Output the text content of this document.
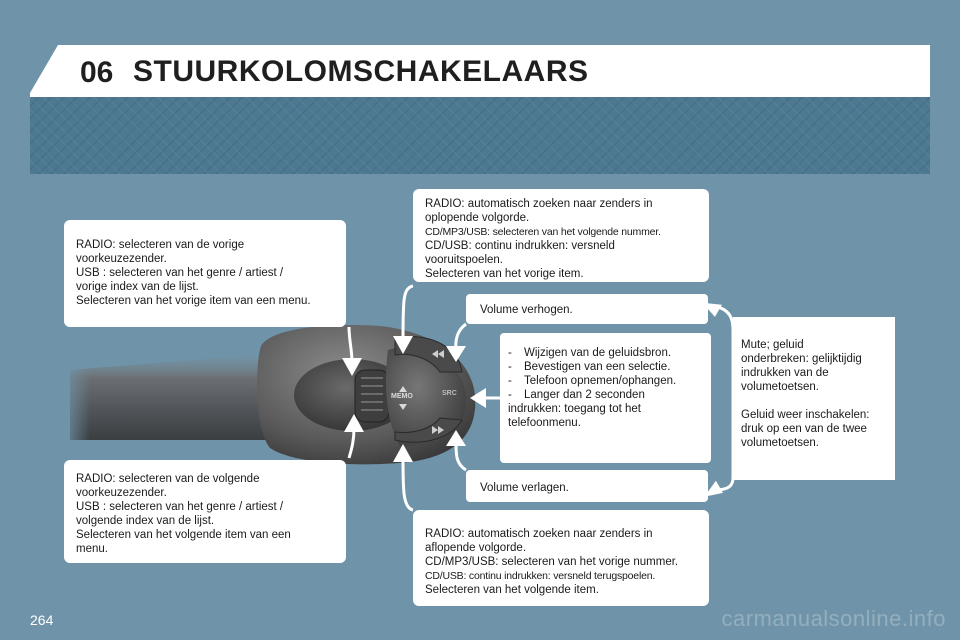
06 STUURKOLOMSCHAKELAARS
MEMO	SRC
RADIO: selecteren van de vorige
voorkeuzezender.
USB : selecteren van het genre / artiest /
vorige index van de lijst.
Selecteren van het vorige item van een menu.
RADIO: selecteren van de volgende
voorkeuzezender.
USB : selecteren van het genre / artiest /
volgende index van de lijst.
Selecteren van het volgende item van een
menu.
RADIO: automatisch zoeken naar zenders in
oplopende volgorde.
CD/MP3/USB: selecteren van het volgende nummer.
CD/USB: continu indrukken: versneld
vooruitspoelen.
Selecteren van het vorige item.
RADIO: automatisch zoeken naar zenders in
aflopende volgorde.
CD/MP3/USB: selecteren van het vorige nummer.
CD/USB: continu indrukken: versneld terugspoelen.
Selecteren van het volgende item.
Volume verhogen.
Volume verlagen.
-	Wijzigen van de geluidsbron.
-	Bevestigen van een selectie.
-	Telefoon opnemen/ophangen.
-	Langer dan 2 seconden
indrukken: toegang tot het
telefoonmenu.
Mute; geluid
onderbreken: gelijktijdig
indrukken van de
volumetoetsen.
Geluid weer inschakelen:
druk op een van de twee
volumetoetsen.
264	carmanualsonline.info
